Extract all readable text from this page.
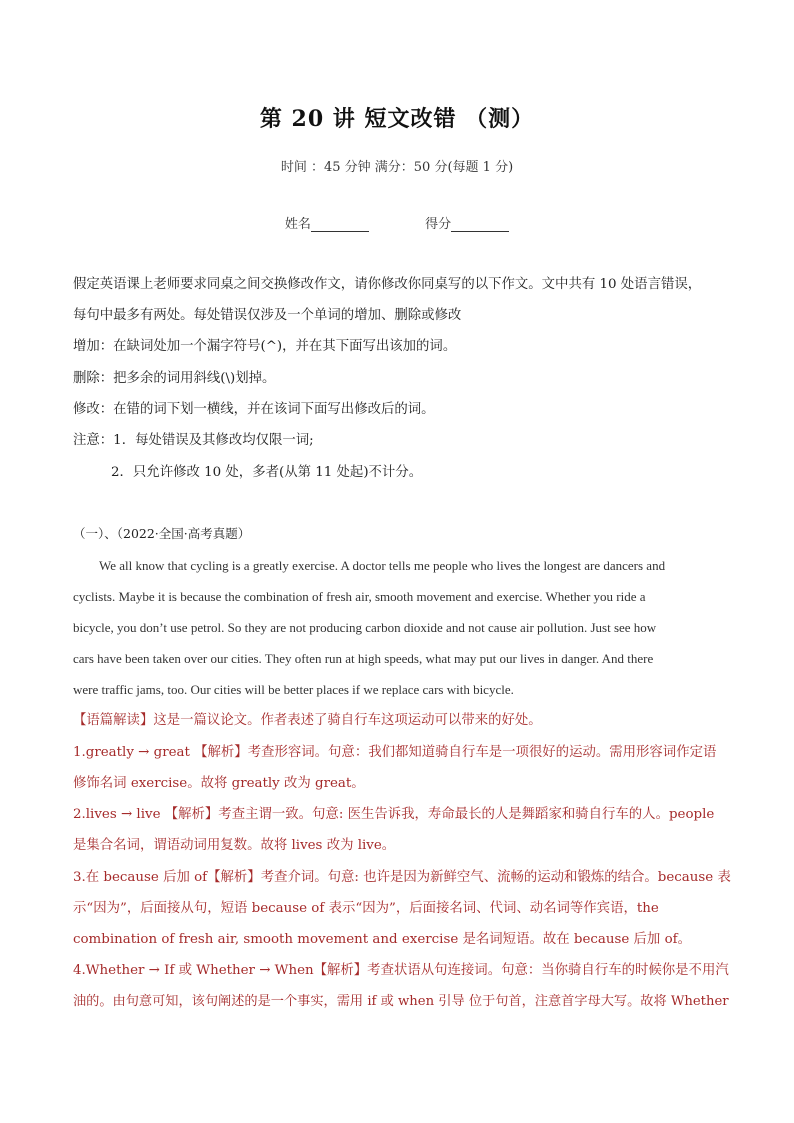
第 20 讲 短文改错 （测）
时间 ：45 分钟 满分：50 分(每题 1 分)
姓名	得分
假定英语课上老师要求同桌之间交换修改作文，请你修改你同桌写的以下作文。文中共有 10 处语言错误，
每句中最多有两处。每处错误仅涉及一个单词的增加、删除或修改
增加：在缺词处加一个漏字符号(^)，并在其下面写出该加的词。
删除：把多余的词用斜线(\)划掉。
修改：在错的词下划一横线，并在该词下面写出修改后的词。
注意：1．每处错误及其修改均仅限一词;
2．只允许修改 10 处，多者(从第 11 处起)不计分。
（一）、（2022·全国·高考真题）
We all know that cycling is a greatly exercise. A doctor tells me people who lives the longest are dancers and
cyclists. Maybe it is because the combination of fresh air, smooth movement and exercise. Whether you ride a
bicycle, you don’t use petrol. So they are not producing carbon dioxide and not cause air pollution. Just see how
cars have been taken over our cities. They often run at high speeds, what may put our lives in danger. And there
were traffic jams, too. Our cities will be better places if we replace cars with bicycle.
【语篇解读】这是一篇议论文。作者表述了骑自行车这项运动可以带来的好处。
1.greatly → great 【解析】考查形容词。句意：我们都知道骑自行车是一项很好的运动。需用形容词作定语
修饰名词 exercise。故将 greatly 改为 great。
2.lives → live 【解析】考查主谓一致。句意: 医生告诉我，寿命最长的人是舞蹈家和骑自行车的人。people
是集合名词，谓语动词用复数。故将 lives 改为 live。
3.在 because 后加 of【解析】考查介词。句意: 也许是因为新鲜空气、流畅的运动和锻炼的结合。because 表
示“因为”，后面接从句，短语 because of 表示“因为”，后面接名词、代词、动名词等作宾语，the
combination of fresh air, smooth movement and exercise 是名词短语。故在 because 后加 of。
4.Whether → If 或 Whether → When【解析】考查状语从句连接词。句意：当你骑自行车的时候你是不用汽
油的。由句意可知，该句阐述的是一个事实，需用 if 或 when 引导 位于句首，注意首字母大写。故将 Whether
